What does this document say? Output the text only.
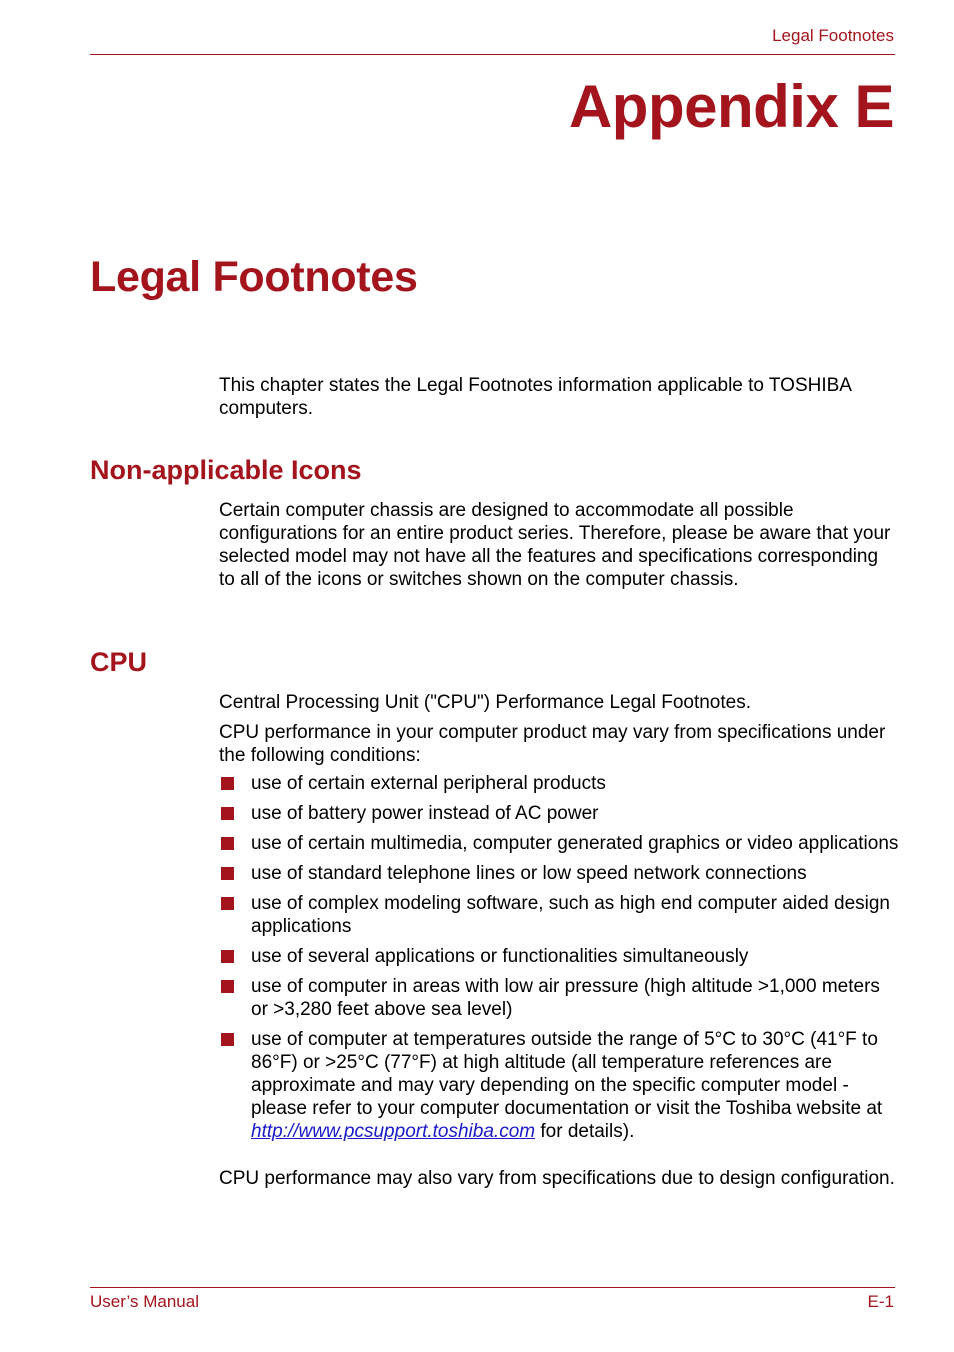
Legal Footnotes
Appendix E
Legal Footnotes

This chapter states the Legal Footnotes information applicable to TOSHIBA computers.

Non-applicable Icons

Certain computer chassis are designed to accommodate all possible configurations for an entire product series. Therefore, please be aware that your selected model may not have all the features and specifications corresponding to all of the icons or switches shown on the computer chassis.

CPU

Central Processing Unit ("CPU") Performance Legal Footnotes.

CPU performance in your computer product may vary from specifications under the following conditions:

use of certain external peripheral products
use of battery power instead of AC power
use of certain multimedia, computer generated graphics or video applications
use of standard telephone lines or low speed network connections
use of complex modeling software, such as high end computer aided design applications
use of several applications or functionalities simultaneously
use of computer in areas with low air pressure (high altitude >1,000 meters or >3,280 feet above sea level)
use of computer at temperatures outside the range of 5°C to 30°C (41°F to 86°F) or >25°C (77°F) at high altitude (all temperature references are approximate and may vary depending on the specific computer model - please refer to your computer documentation or visit the Toshiba website at http://www.pcsupport.toshiba.com for details).

CPU performance may also vary from specifications due to design configuration.

User’s Manual	E-1
